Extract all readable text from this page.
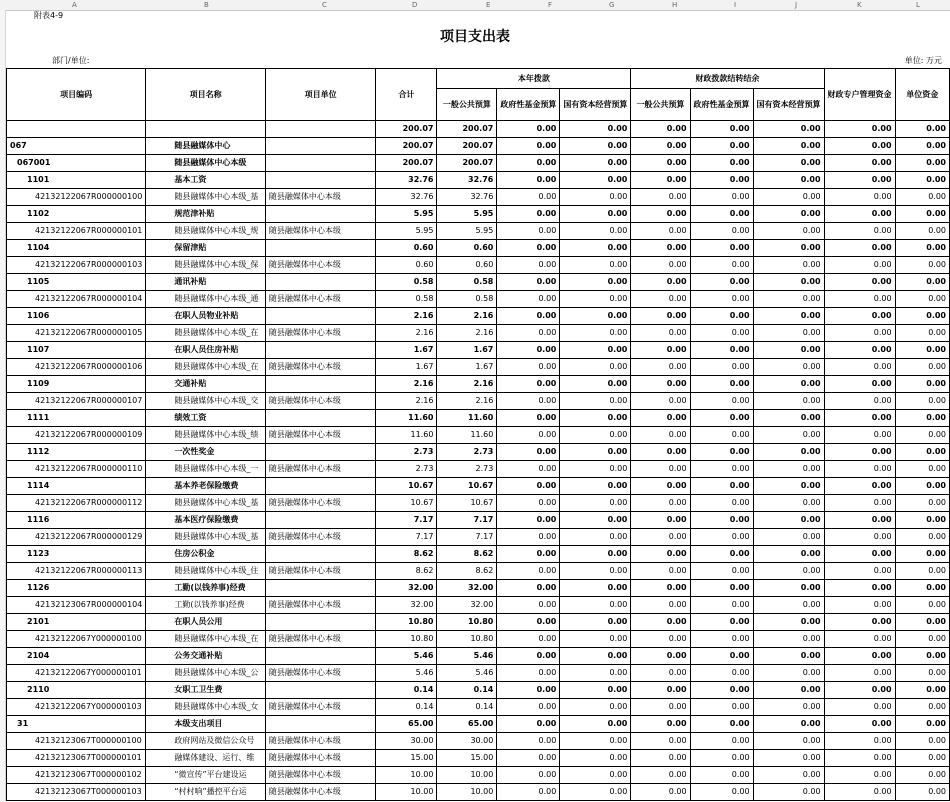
A	B	C	D	E	F	G	H	I	J	K	L
附表4-9
项目支出表
部门/单位:	单位: 万元
项目编码	项目名称	项目单位	合计	本年拨款			财政拨款结转结余			财政专户管理资金	单位资金
				一般公共预算	政府性基金预算	国有资本经营预算	一般公共预算	政府性基金预算	国有资本经营预算		
			200.07	200.07	0.00	0.00	0.00	0.00	0.00	0.00	0.00
067	随县融媒体中心		200.07	200.07	0.00	0.00	0.00	0.00	0.00	0.00	0.00
067001	随县融媒体中心本级		200.07	200.07	0.00	0.00	0.00	0.00	0.00	0.00	0.00
1101	基本工资		32.76	32.76	0.00	0.00	0.00	0.00	0.00	0.00	0.00
42132122067R000000100	随县融媒体中心本级_基	随县融媒体中心本级	32.76	32.76	0.00	0.00	0.00	0.00	0.00	0.00	0.00
1102	规范津补贴		5.95	5.95	0.00	0.00	0.00	0.00	0.00	0.00	0.00
42132122067R000000101	随县融媒体中心本级_规	随县融媒体中心本级	5.95	5.95	0.00	0.00	0.00	0.00	0.00	0.00	0.00
1104	保留津贴		0.60	0.60	0.00	0.00	0.00	0.00	0.00	0.00	0.00
42132122067R000000103	随县融媒体中心本级_保	随县融媒体中心本级	0.60	0.60	0.00	0.00	0.00	0.00	0.00	0.00	0.00
1105	通讯补贴		0.58	0.58	0.00	0.00	0.00	0.00	0.00	0.00	0.00
42132122067R000000104	随县融媒体中心本级_通	随县融媒体中心本级	0.58	0.58	0.00	0.00	0.00	0.00	0.00	0.00	0.00
1106	在职人员物业补贴		2.16	2.16	0.00	0.00	0.00	0.00	0.00	0.00	0.00
42132122067R000000105	随县融媒体中心本级_在	随县融媒体中心本级	2.16	2.16	0.00	0.00	0.00	0.00	0.00	0.00	0.00
1107	在职人员住房补贴		1.67	1.67	0.00	0.00	0.00	0.00	0.00	0.00	0.00
42132122067R000000106	随县融媒体中心本级_在	随县融媒体中心本级	1.67	1.67	0.00	0.00	0.00	0.00	0.00	0.00	0.00
1109	交通补贴		2.16	2.16	0.00	0.00	0.00	0.00	0.00	0.00	0.00
42132122067R000000107	随县融媒体中心本级_交	随县融媒体中心本级	2.16	2.16	0.00	0.00	0.00	0.00	0.00	0.00	0.00
1111	绩效工资		11.60	11.60	0.00	0.00	0.00	0.00	0.00	0.00	0.00
42132122067R000000109	随县融媒体中心本级_绩	随县融媒体中心本级	11.60	11.60	0.00	0.00	0.00	0.00	0.00	0.00	0.00
1112	一次性奖金		2.73	2.73	0.00	0.00	0.00	0.00	0.00	0.00	0.00
42132122067R000000110	随县融媒体中心本级_一	随县融媒体中心本级	2.73	2.73	0.00	0.00	0.00	0.00	0.00	0.00	0.00
1114	基本养老保险缴费		10.67	10.67	0.00	0.00	0.00	0.00	0.00	0.00	0.00
42132122067R000000112	随县融媒体中心本级_基	随县融媒体中心本级	10.67	10.67	0.00	0.00	0.00	0.00	0.00	0.00	0.00
1116	基本医疗保险缴费		7.17	7.17	0.00	0.00	0.00	0.00	0.00	0.00	0.00
42132122067R000000129	随县融媒体中心本级_基	随县融媒体中心本级	7.17	7.17	0.00	0.00	0.00	0.00	0.00	0.00	0.00
1123	住房公积金		8.62	8.62	0.00	0.00	0.00	0.00	0.00	0.00	0.00
42132122067R000000113	随县融媒体中心本级_住	随县融媒体中心本级	8.62	8.62	0.00	0.00	0.00	0.00	0.00	0.00	0.00
1126	工勤(以钱养事)经费		32.00	32.00	0.00	0.00	0.00	0.00	0.00	0.00	0.00
42132123067R000000104	工勤(以钱养事)经费	随县融媒体中心本级	32.00	32.00	0.00	0.00	0.00	0.00	0.00	0.00	0.00
2101	在职人员公用		10.80	10.80	0.00	0.00	0.00	0.00	0.00	0.00	0.00
42132122067Y000000100	随县融媒体中心本级_在	随县融媒体中心本级	10.80	10.80	0.00	0.00	0.00	0.00	0.00	0.00	0.00
2104	公务交通补贴		5.46	5.46	0.00	0.00	0.00	0.00	0.00	0.00	0.00
42132122067Y000000101	随县融媒体中心本级_公	随县融媒体中心本级	5.46	5.46	0.00	0.00	0.00	0.00	0.00	0.00	0.00
2110	女职工卫生费		0.14	0.14	0.00	0.00	0.00	0.00	0.00	0.00	0.00
42132122067Y000000103	随县融媒体中心本级_女	随县融媒体中心本级	0.14	0.14	0.00	0.00	0.00	0.00	0.00	0.00	0.00
31	本级支出项目		65.00	65.00	0.00	0.00	0.00	0.00	0.00	0.00	0.00
42132123067T000000100	政府网站及微信公众号	随县融媒体中心本级	30.00	30.00	0.00	0.00	0.00	0.00	0.00	0.00	0.00
42132123067T000000101	融媒体建设、运行、维	随县融媒体中心本级	15.00	15.00	0.00	0.00	0.00	0.00	0.00	0.00	0.00
42132123067T000000102	“微宣传”平台建设运	随县融媒体中心本级	10.00	10.00	0.00	0.00	0.00	0.00	0.00	0.00	0.00
42132123067T000000103	“村村响”播控平台运	随县融媒体中心本级	10.00	10.00	0.00	0.00	0.00	0.00	0.00	0.00	0.00
